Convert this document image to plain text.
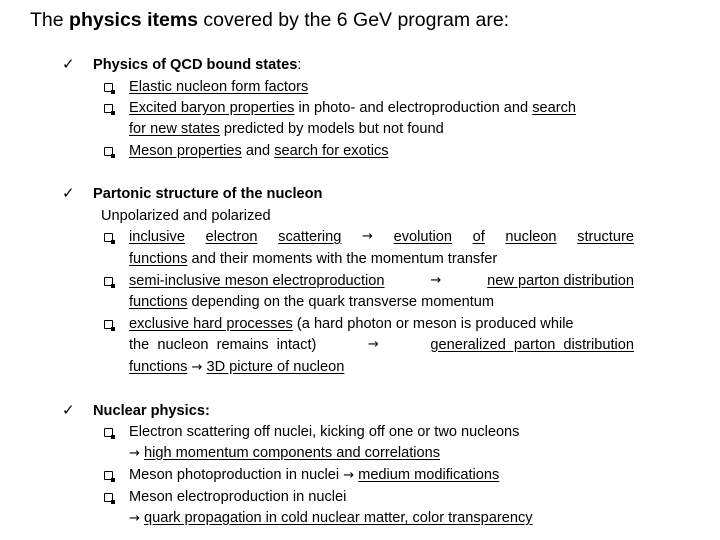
The physics items covered by the 6 GeV program are:
✓ Physics of QCD bound states:
Elastic nucleon form factors
Excited baryon properties in photo- and electroproduction and search
for new states predicted by models but not found
Meson properties and search for exotics
✓ Partonic structure of the nucleon
Unpolarized and polarized
inclusive electron scattering → evolution of nucleon structure
functions and their moments with the momentum transfer
semi-inclusive meson electroproduction	→	new parton distribution
functions depending on the quark transverse momentum
exclusive hard processes (a hard photon or meson is produced while
the  nucleon  remains  intact)	→	generalized  parton  distribution
functions → 3D picture of nucleon
✓ Nuclear physics:
Electron scattering off nuclei, kicking off one or two nucleons
→ high momentum components and correlations
Meson photoproduction in nuclei → medium modifications
Meson electroproduction in nuclei
→ quark propagation in cold nuclear matter, color transparency
